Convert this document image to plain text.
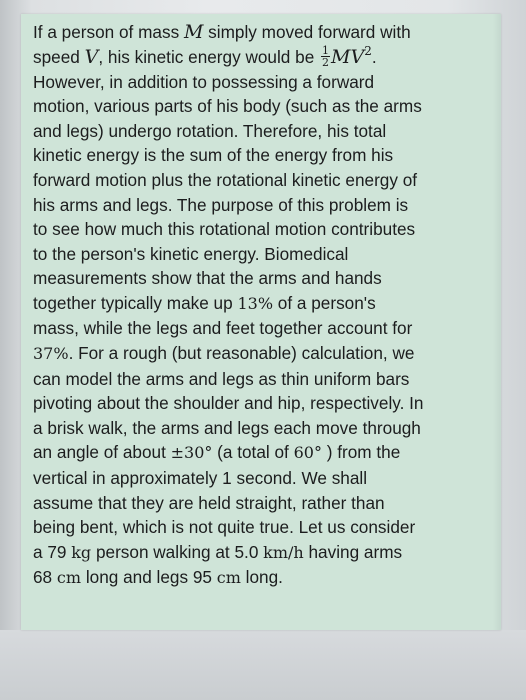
If a person of mass M simply moved forward with
speed V, his kinetic energy would be $\frac{1}{2} MV^2$.
However, in addition to possessing a forward
motion, various parts of his body (such as the arms
and legs) undergo rotation. Therefore, his total
kinetic energy is the sum of the energy from his
forward motion plus the rotational kinetic energy of
his arms and legs. The purpose of this problem is
to see how much this rotational motion contributes
to the person's kinetic energy. Biomedical
measurements show that the arms and hands
together typically make up 13% of a person's
mass, while the legs and feet together account for
37%. For a rough (but reasonable) calculation, we
can model the arms and legs as thin uniform bars
pivoting about the shoulder and hip, respectively. In
a brisk walk, the arms and legs each move through
an angle of about ±30° (a total of 60° ) from the
vertical in approximately 1 second. We shall
assume that they are held straight, rather than
being bent, which is not quite true. Let us consider
a 79 kg person walking at 5.0 km/h having arms
68 cm long and legs 95 cm long.
